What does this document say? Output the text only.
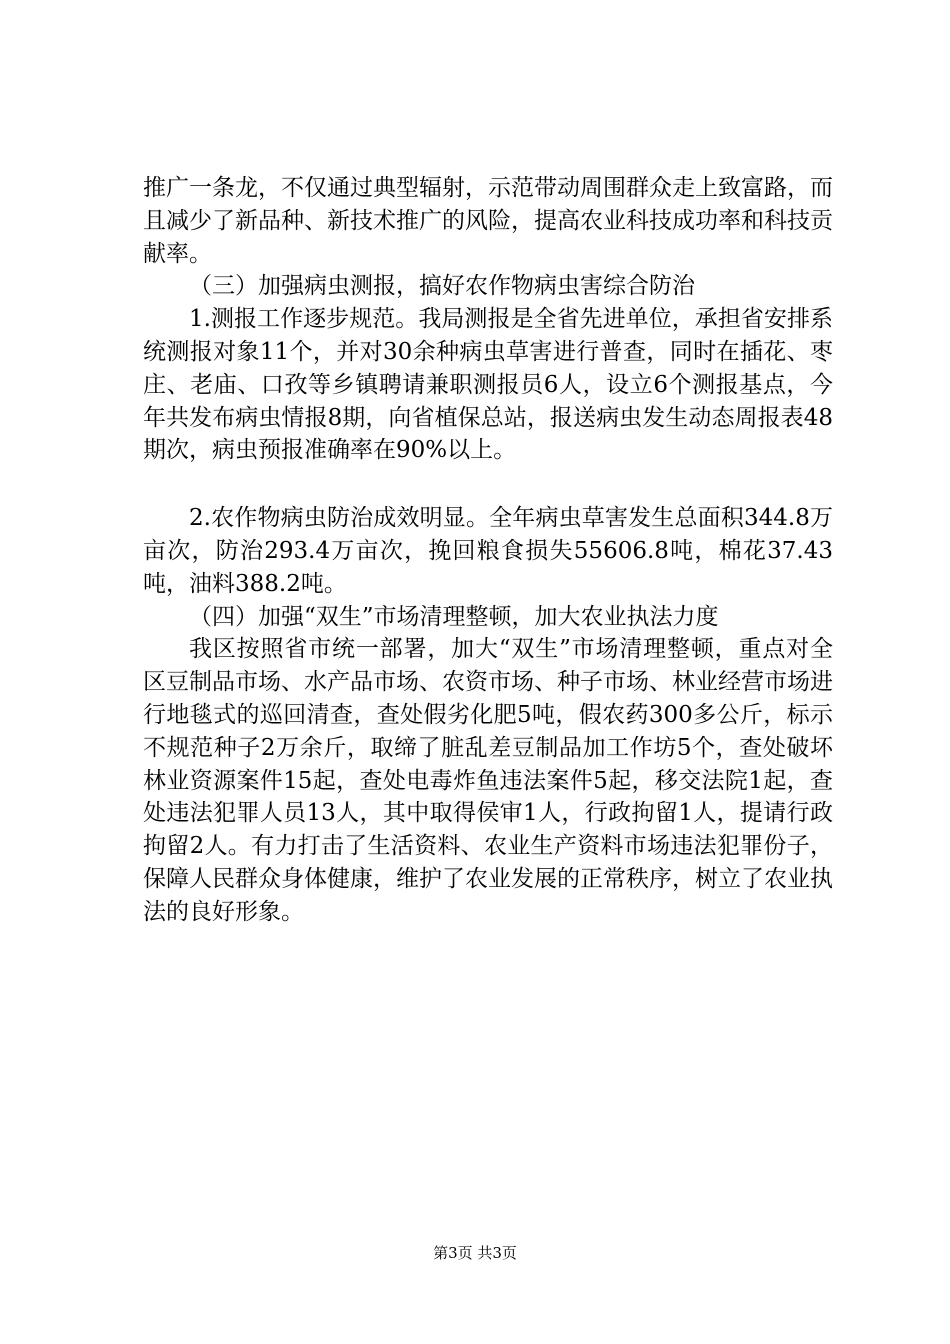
推广一条龙，不仅通过典型辐射，示范带动周围群众走上致富路，而且减少了新品种、新技术推广的风险，提高农业科技成功率和科技贡献率。

（三）加强病虫测报，搞好农作物病虫害综合防治

1.测报工作逐步规范。我局测报是全省先进单位，承担省安排系统测报对象11个，并对30余种病虫草害进行普查，同时在插花、枣庄、老庙、口孜等乡镇聘请兼职测报员6人，设立6个测报基点，今年共发布病虫情报8期，向省植保总站，报送病虫发生动态周报表48期次，病虫预报准确率在90%以上。

2.农作物病虫防治成效明显。全年病虫草害发生总面积344.8万亩次，防治293.4万亩次，挽回粮食损失55606.8吨，棉花37.43吨，油料388.2吨。

（四）加强“双生”市场清理整顿，加大农业执法力度

我区按照省市统一部署，加大“双生”市场清理整顿，重点对全区豆制品市场、水产品市场、农资市场、种子市场、林业经营市场进行地毯式的巡回清查，查处假劣化肥5吨，假农药300多公斤，标示不规范种子2万余斤，取缔了脏乱差豆制品加工作坊5个，查处破坏林业资源案件15起，查处电毒炸鱼违法案件5起，移交法院1起，查处违法犯罪人员13人，其中取得侯审1人，行政拘留1人，提请行政拘留2人。有力打击了生活资料、农业生产资料市场违法犯罪份子，保障人民群众身体健康，维护了农业发展的正常秩序，树立了农业执法的良好形象。

第3页 共3页
